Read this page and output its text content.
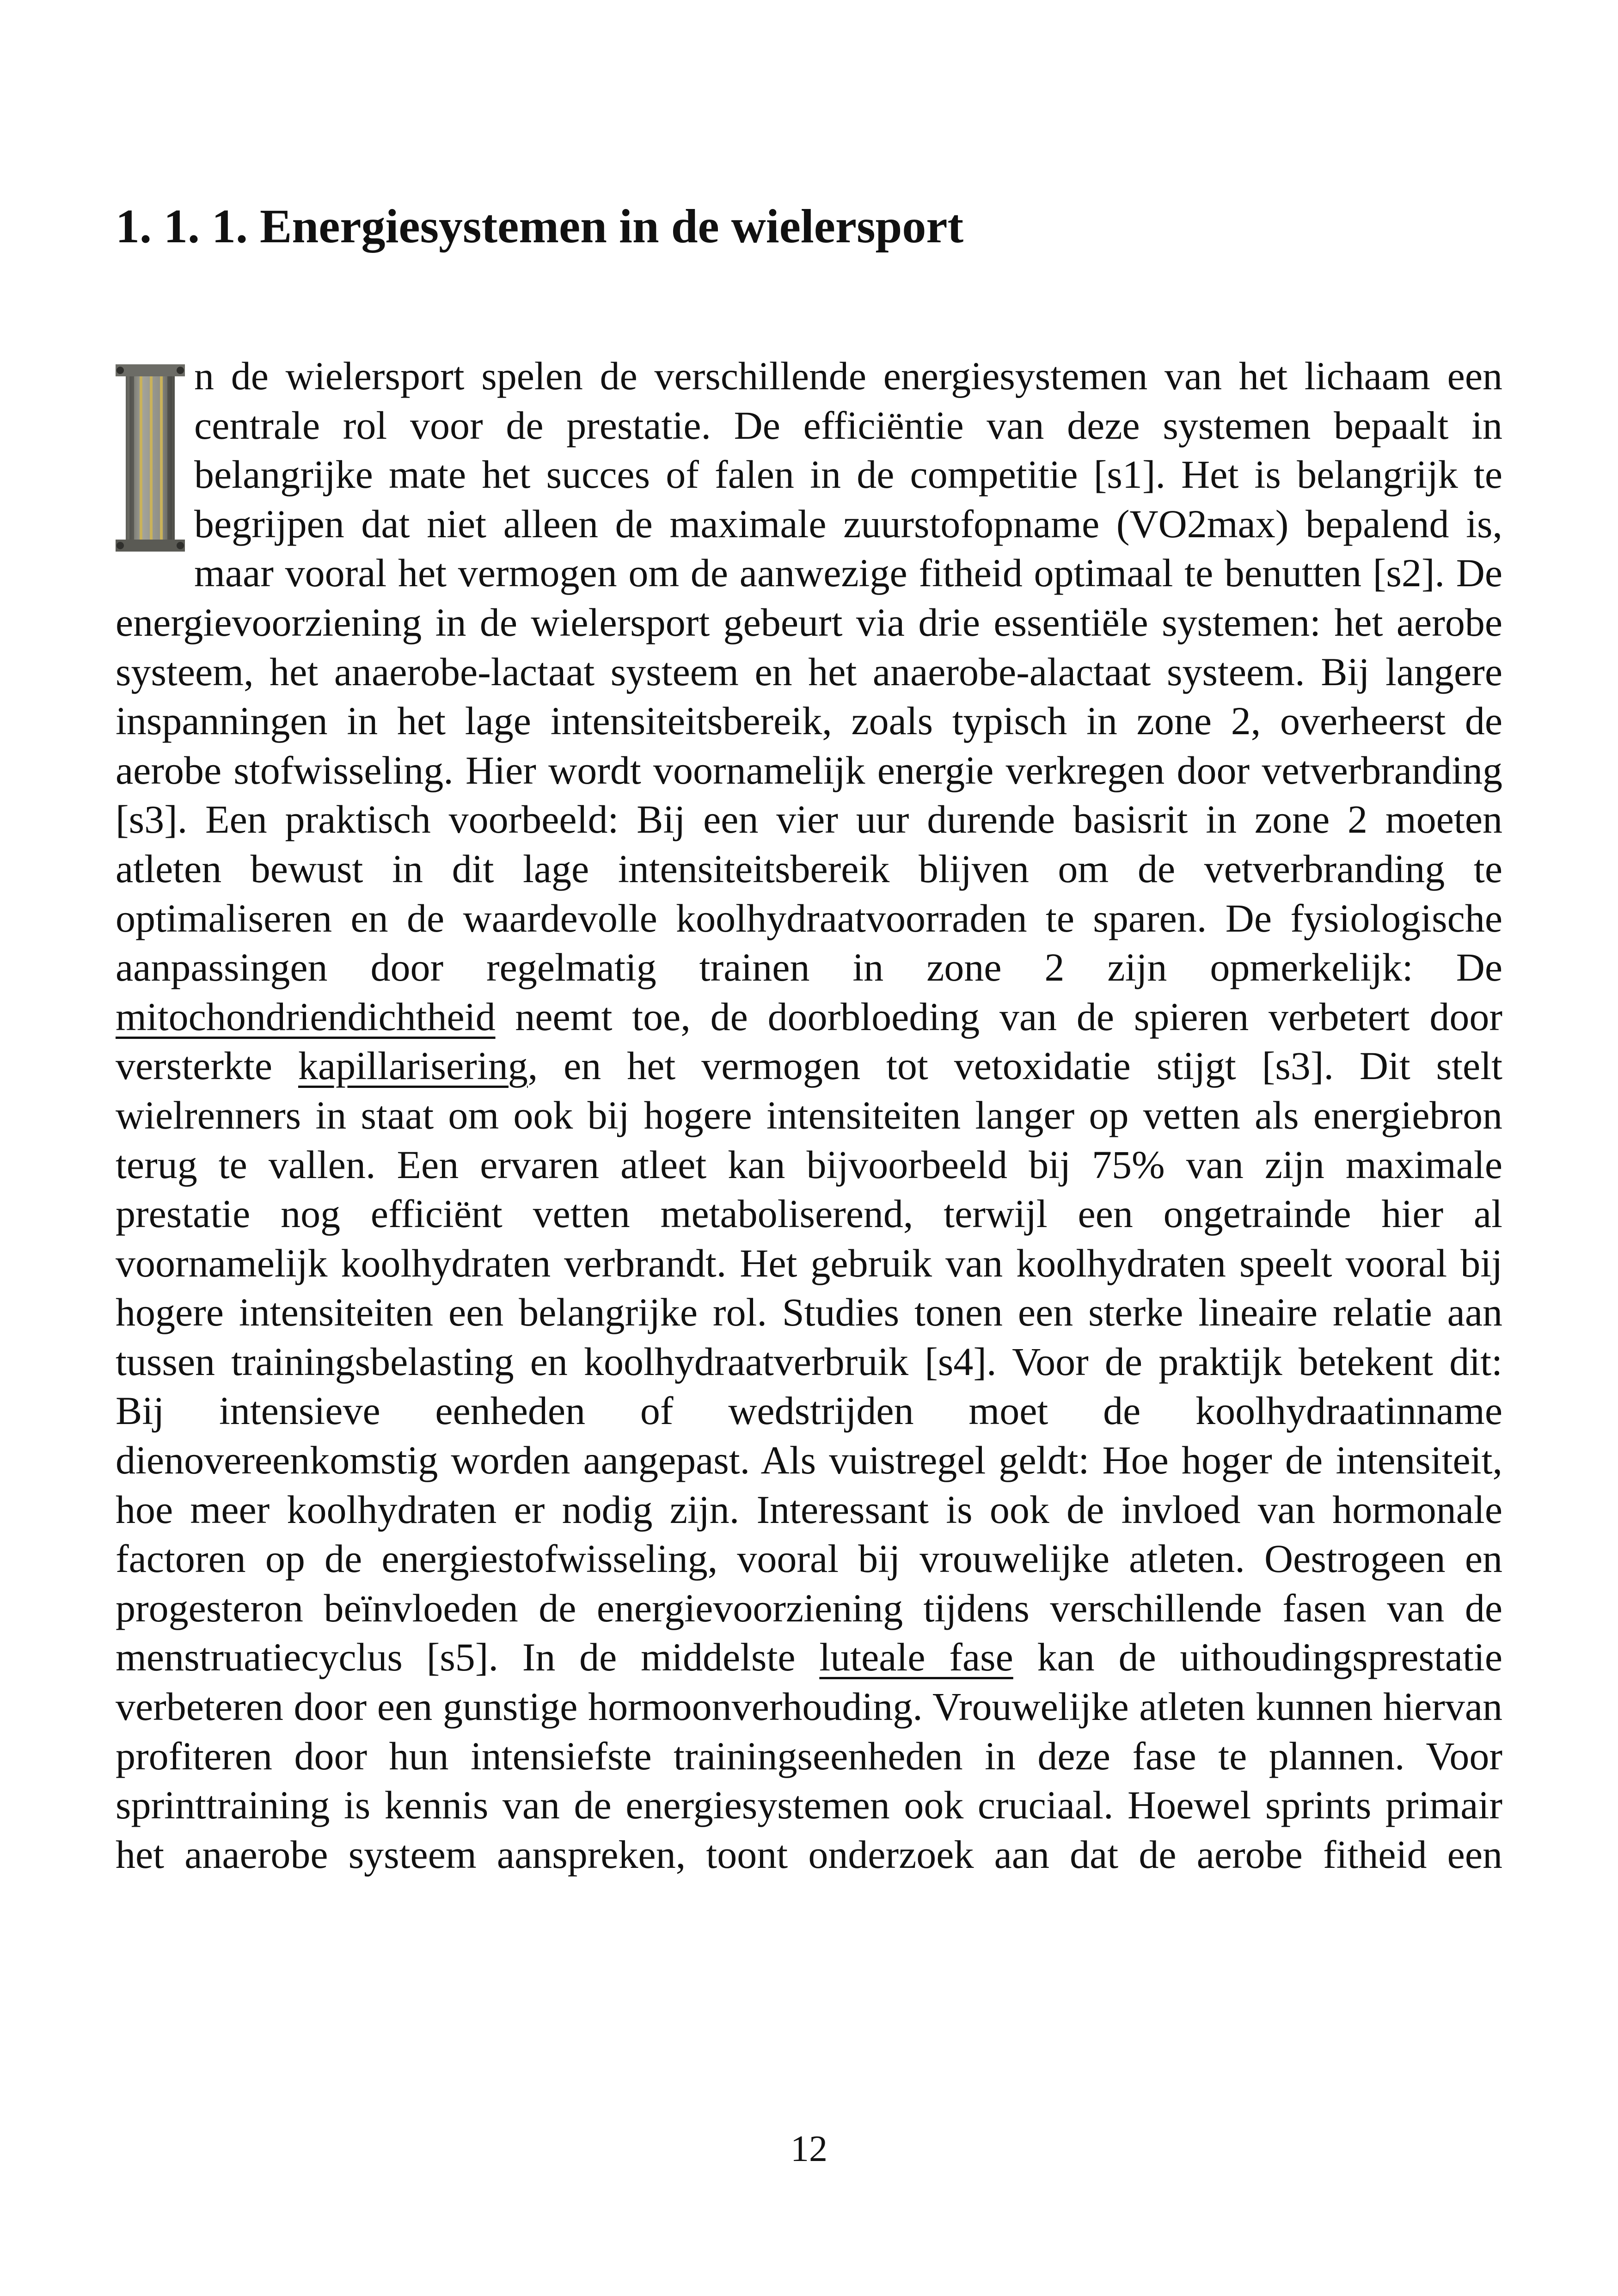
1. 1. 1. Energiesystemen in de wielersport

n de wielersport spelen de verschillende energiesystemen van het lichaam een centrale rol voor de prestatie. De efficiëntie van deze systemen bepaalt in belangrijke mate het succes of falen in de competitie [s1]. Het is belangrijk te begrijpen dat niet alleen de maximale zuurstofopname (VO2max) bepalend is, maar vooral het vermogen om de aanwezige fitheid optimaal te benutten [s2]. De energievoorziening in de wielersport gebeurt via drie essentiële systemen: het aerobe systeem, het anaerobe-lactaat systeem en het anaerobe-alactaat systeem. Bij langere inspanningen in het lage intensiteitsbereik, zoals typisch in zone 2, overheerst de aerobe stofwisseling. Hier wordt voornamelijk energie verkregen door vetverbranding [s3]. Een praktisch voorbeeld: Bij een vier uur durende basisrit in zone 2 moeten atleten bewust in dit lage intensiteitsbereik blijven om de vetverbranding te optimaliseren en de waardevolle koolhydraatvoorraden te sparen. De fysiologische aanpassingen door regelmatig trainen in zone 2 zijn opmerkelijk: De mitochondriendichtheid neemt toe, de doorbloeding van de spieren verbetert door versterkte kapillarisering, en het vermogen tot vetoxidatie stijgt [s3]. Dit stelt wielrenners in staat om ook bij hogere intensiteiten langer op vetten als energiebron terug te vallen. Een ervaren atleet kan bijvoorbeeld bij 75% van zijn maximale prestatie nog efficiënt vetten metaboliserend, terwijl een ongetrainde hier al voornamelijk koolhydraten verbrandt. Het gebruik van koolhydraten speelt vooral bij hogere intensiteiten een belangrijke rol. Studies tonen een sterke lineaire relatie aan tussen trainingsbelasting en koolhydraatverbruik [s4]. Voor de praktijk betekent dit: Bij intensieve eenheden of wedstrijden moet de koolhydraatinname dienovereenkomstig worden aangepast. Als vuistregel geldt: Hoe hoger de intensiteit, hoe meer koolhydraten er nodig zijn. Interessant is ook de invloed van hormonale factoren op de energiestofwisseling, vooral bij vrouwelijke atleten. Oestrogeen en progesteron beïnvloeden de energievoorziening tijdens verschillende fasen van de menstruatiecyclus [s5]. In de middelste luteale fase kan de uithoudingsprestatie verbeteren door een gunstige hormoonverhouding. Vrouwelijke atleten kunnen hiervan profiteren door hun intensiefste trainingseenheden in deze fase te plannen. Voor sprinttraining is kennis van de energiesystemen ook cruciaal. Hoewel sprints primair het anaerobe systeem aanspreken, toont onderzoek aan dat de aerobe fitheid een

12
